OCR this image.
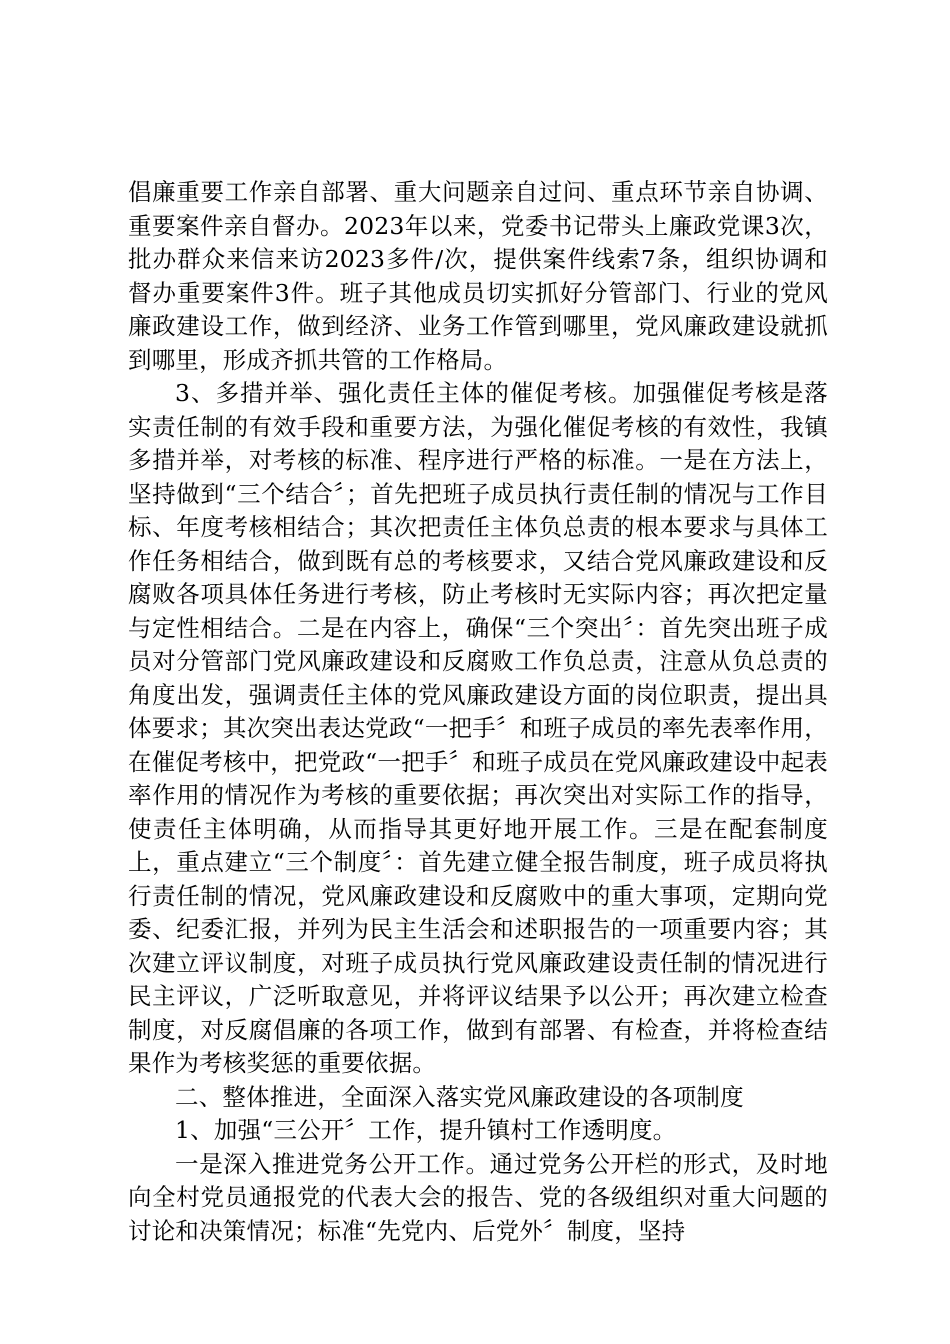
倡廉重要工作亲自部署、重大问题亲自过问、重点环节亲自协调、重要案件亲自督办。2023年以来，党委书记带头上廉政党课3次，批办群众来信来访2023多件/次，提供案件线索7条，组织协调和督办重要案件3件。班子其他成员切实抓好分管部门、行业的党风廉政建设工作，做到经济、业务工作管到哪里，党风廉政建设就抓到哪里，形成齐抓共管的工作格局。

3、多措并举、强化责任主体的催促考核。加强催促考核是落实责任制的有效手段和重要方法，为强化催促考核的有效性，我镇多措并举，对考核的标准、程序进行严格的标准。一是在方法上，坚持做到“三个结合〞；首先把班子成员执行责任制的情况与工作目标、年度考核相结合；其次把责任主体负总责的根本要求与具体工作任务相结合，做到既有总的考核要求，又结合党风廉政建设和反腐败各项具体任务进行考核，防止考核时无实际内容；再次把定量与定性相结合。二是在内容上，确保“三个突出〞：首先突出班子成员对分管部门党风廉政建设和反腐败工作负总责，注意从负总责的角度出发，强调责任主体的党风廉政建设方面的岗位职责，提出具体要求；其次突出表达党政“一把手〞和班子成员的率先表率作用，在催促考核中，把党政“一把手〞和班子成员在党风廉政建设中起表率作用的情况作为考核的重要依据；再次突出对实际工作的指导，使责任主体明确，从而指导其更好地开展工作。三是在配套制度上，重点建立“三个制度〞：首先建立健全报告制度，班子成员将执行责任制的情况，党风廉政建设和反腐败中的重大事项，定期向党委、纪委汇报，并列为民主生活会和述职报告的一项重要内容；其次建立评议制度，对班子成员执行党风廉政建设责任制的情况进行民主评议，广泛听取意见，并将评议结果予以公开；再次建立检查制度，对反腐倡廉的各项工作，做到有部署、有检查，并将检查结果作为考核奖惩的重要依据。

二、整体推进，全面深入落实党风廉政建设的各项制度

1、加强“三公开〞工作，提升镇村工作透明度。

一是深入推进党务公开工作。通过党务公开栏的形式，及时地向全村党员通报党的代表大会的报告、党的各级组织对重大问题的讨论和决策情况；标准“先党内、后党外〞制度，坚持
